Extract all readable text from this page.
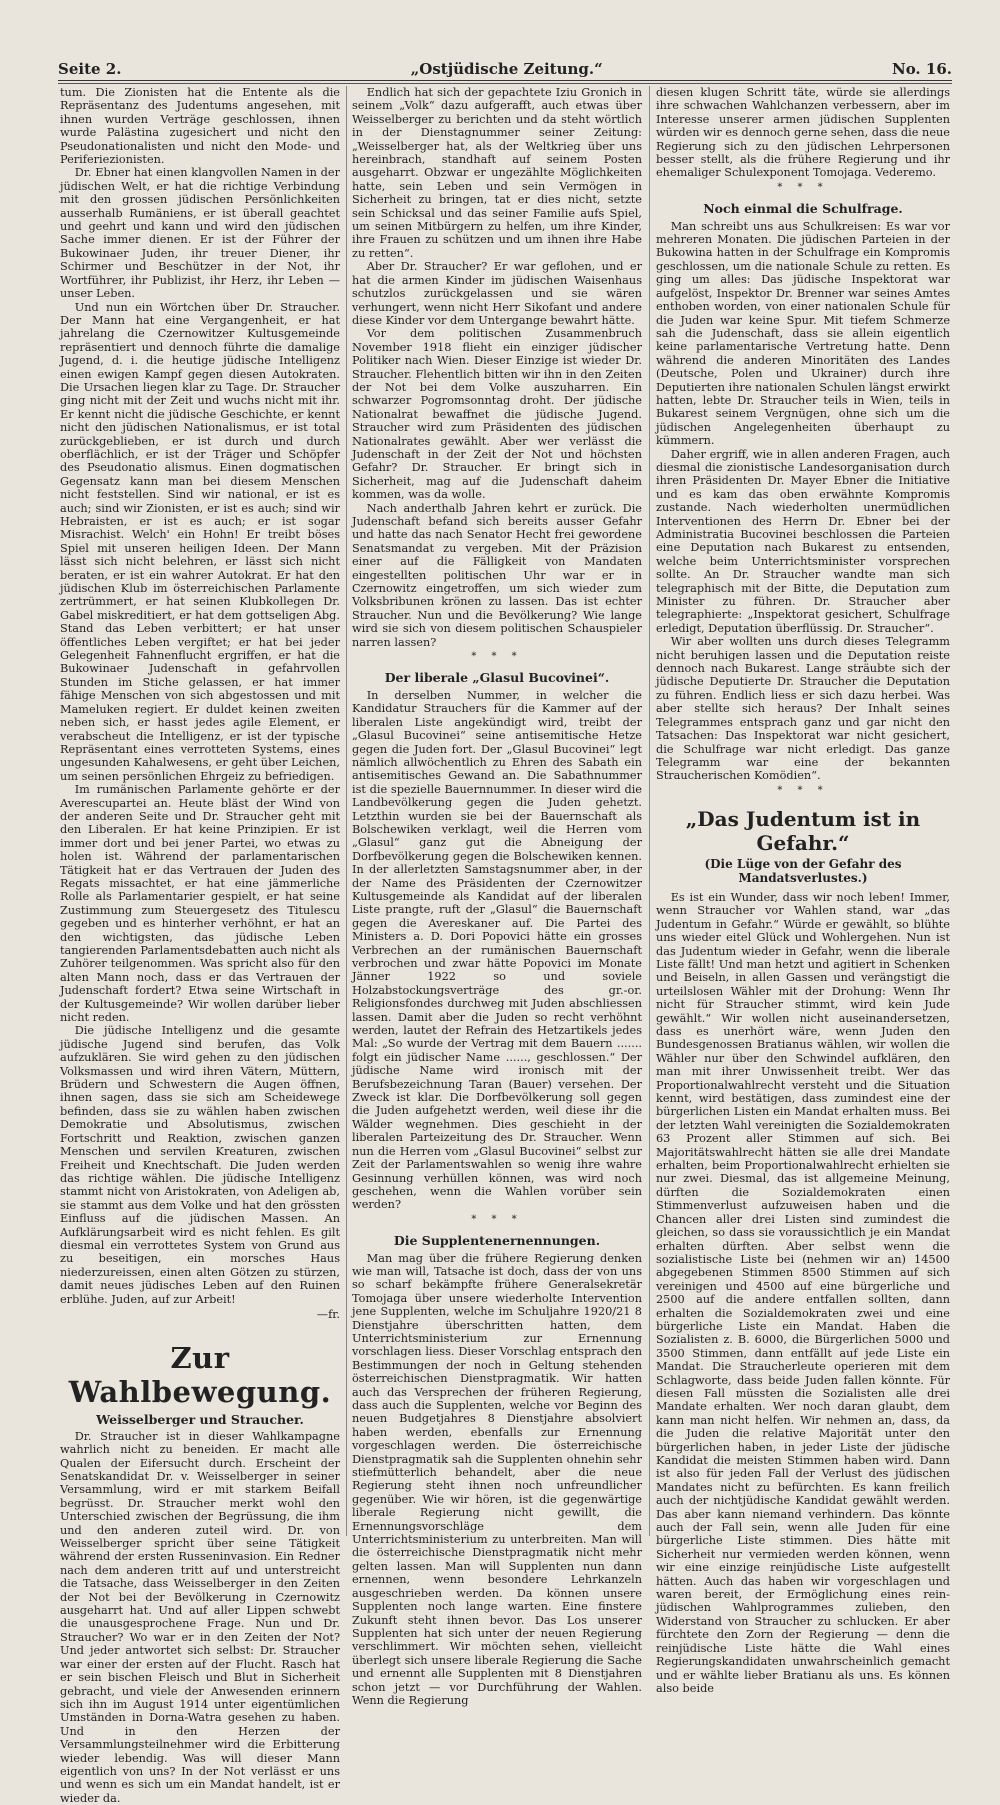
Seite 2.	„Ostjüdische Zeitung.“	No. 16.

tum. Die Zionisten hat die Entente als die Repräsentanz des Judentums angesehen, mit ihnen wurden Verträge geschlossen, ihnen wurde Palästina zugesichert und nicht den Pseudonationalisten und nicht den Mode- und Periferiezionisten.

Dr. Ebner hat einen klangvollen Namen in der jüdischen Welt, er hat die richtige Verbindung mit den grossen jüdischen Persönlichkeiten ausserhalb Rumäniens, er ist überall geachtet und geehrt und kann und wird den jüdischen Sache immer dienen. Er ist der Führer der Bukowinaer Juden, ihr treuer Diener, ihr Schirmer und Beschützer in der Not, ihr Wortführer, ihr Publizist, ihr Herz, ihr Leben — unser Leben.

Und nun ein Wörtchen über Dr. Straucher. Der Mann hat eine Vergangenheit, er hat jahrelang die Czernowitzer Kultusgemeinde repräsentiert und dennoch führte die damalige Jugend, d. i. die heutige jüdische Intelligenz einen ewigen Kampf gegen diesen Autokraten. Die Ursachen liegen klar zu Tage. Dr. Straucher ging nicht mit der Zeit und wuchs nicht mit ihr. Er kennt nicht die jüdische Geschichte, er kennt nicht den jüdischen Nationalismus, er ist total zurückgeblieben, er ist durch und durch oberflächlich, er ist der Träger und Schöpfer des Pseudonatio alismus. Einen dogmatischen Gegensatz kann man bei diesem Menschen nicht feststellen. Sind wir national, er ist es auch; sind wir Zionisten, er ist es auch; sind wir Hebraisten, er ist es auch; er ist sogar Misrachist. Welch' ein Hohn! Er treibt böses Spiel mit unseren heiligen Ideen. Der Mann lässt sich nicht belehren, er lässt sich nicht beraten, er ist ein wahrer Autokrat. Er hat den jüdischen Klub im österreichischen Parlamente zertrümmert, er hat seinen Klubkollegen Dr. Gabel miskreditiert, er hat dem gottseligen Abg. Stand das Leben verbittert; er hat unser öffentliches Leben vergiftet; er hat bei jeder Gelegenheit Fahnenflucht ergriffen, er hat die Bukowinaer Judenschaft in gefahrvollen Stunden im Stiche gelassen, er hat immer fähige Menschen von sich abgestossen und mit Mameluken regiert. Er duldet keinen zweiten neben sich, er hasst jedes agile Element, er verabscheut die Intelligenz, er ist der typische Repräsentant eines verrotteten Systems, eines ungesunden Kahalwesens, er geht über Leichen, um seinen persönlichen Ehrgeiz zu befriedigen.

Im rumänischen Parlamente gehörte er der Averescupartei an. Heute bläst der Wind von der anderen Seite und Dr. Straucher geht mit den Liberalen. Er hat keine Prinzipien. Er ist immer dort und bei jener Partei, wo etwas zu holen ist. Während der parlamentarischen Tätigkeit hat er das Vertrauen der Juden des Regats missachtet, er hat eine jämmerliche Rolle als Parlamentarier gespielt, er hat seine Zustimmung zum Steuergesetz des Titulescu gegeben und es hinterher verhöhnt, er hat an den wichtigsten, das jüdische Leben tangierenden Parlamentsdebatten auch nicht als Zuhörer teilgenommen. Was spricht also für den alten Mann noch, dass er das Vertrauen der Judenschaft fordert? Etwa seine Wirtschaft in der Kultusgemeinde? Wir wollen darüber lieber nicht reden.

Die jüdische Intelligenz und die gesamte jüdische Jugend sind berufen, das Volk aufzuklären. Sie wird gehen zu den jüdischen Volksmassen und wird ihren Vätern, Müttern, Brüdern und Schwestern die Augen öffnen, ihnen sagen, dass sie sich am Scheidewege befinden, dass sie zu wählen haben zwischen Demokratie und Absolutismus, zwischen Fortschritt und Reaktion, zwischen ganzen Menschen und servilen Kreaturen, zwischen Freiheit und Knechtschaft. Die Juden werden das richtige wählen. Die jüdische Intelligenz stammt nicht von Aristokraten, von Adeligen ab, sie stammt aus dem Volke und hat den grössten Einfluss auf die jüdischen Massen. An Aufklärungsarbeit wird es nicht fehlen. Es gilt diesmal ein verrottetes System von Grund aus zu beseitigen, ein morsches Haus niederzureissen, einen alten Götzen zu stürzen, damit neues jüdisches Leben auf den Ruinen erblühe. Juden, auf zur Arbeit!

—fr.
Zur Wahlbewegung.
Weisselberger und Straucher.

Dr. Straucher ist in dieser Wahlkampagne wahrlich nicht zu beneiden. Er macht alle Qualen der Eifersucht durch. Erscheint der Senatskandidat Dr. v. Weisselberger in seiner Versammlung, wird er mit starkem Beifall begrüsst. Dr. Straucher merkt wohl den Unterschied zwischen der Begrüssung, die ihm und den anderen zuteil wird. Dr. von Weisselberger spricht über seine Tätigkeit während der ersten Russeninvasion. Ein Redner nach dem anderen tritt auf und unterstreicht die Tatsache, dass Weisselberger in den Zeiten der Not bei der Bevölkerung in Czernowitz ausgeharrt hat. Und auf aller Lippen schwebt die unausgesprochene Frage. Nun und Dr. Straucher? Wo war er in den Zeiten der Not? Und jeder antwortet sich selbst: Dr. Straucher war einer der ersten auf der Flucht. Rasch hat er sein bischen Fleisch und Blut in Sicherheit gebracht, und viele der Anwesenden erinnern sich ihn im August 1914 unter eigentümlichen Umständen in Dorna-Watra gesehen zu haben. Und in den Herzen der Versammlungsteilnehmer wird die Erbitterung wieder lebendig. Was will dieser Mann eigentlich von uns? In der Not verlässt er uns und wenn es sich um ein Mandat handelt, ist er wieder da.

Endlich hat sich der gepachtete Iziu Gronich in seinem „Volk“ dazu aufgerafft, auch etwas über Weisselberger zu berichten und da steht wörtlich in der Dienstagnummer seiner Zeitung: „Weisselberger hat, als der Weltkrieg über uns hereinbrach, standhaft auf seinem Posten ausgeharrt. Obzwar er ungezählte Möglichkeiten hatte, sein Leben und sein Vermögen in Sicherheit zu bringen, tat er dies nicht, setzte sein Schicksal und das seiner Familie aufs Spiel, um seinen Mitbürgern zu helfen, um ihre Kinder, ihre Frauen zu schützen und um ihnen ihre Habe zu retten“.

Aber Dr. Straucher? Er war geflohen, und er hat die armen Kinder im jüdischen Waisenhaus schutzlos zurückgelassen und sie wären verhungert, wenn nicht Herr Sikofant und andere diese Kinder vor dem Untergange bewahrt hätte.

Vor dem politischen Zusammenbruch November 1918 flieht ein einziger jüdischer Politiker nach Wien. Dieser Einzige ist wieder Dr. Straucher. Flehentlich bitten wir ihn in den Zeiten der Not bei dem Volke auszuharren. Ein schwarzer Pogromsonntag droht. Der jüdische Nationalrat bewaffnet die jüdische Jugend. Straucher wird zum Präsidenten des jüdischen Nationalrates gewählt. Aber wer verlässt die Judenschaft in der Zeit der Not und höchsten Gefahr? Dr. Straucher. Er bringt sich in Sicherheit, mag auf die Judenschaft daheim kommen, was da wolle.

Nach anderthalb Jahren kehrt er zurück. Die Judenschaft befand sich bereits ausser Gefahr und hatte das nach Senator Hecht frei gewordene Senatsmandat zu vergeben. Mit der Präzision einer auf die Fälligkeit von Mandaten eingestellten politischen Uhr war er in Czernowitz eingetroffen, um sich wieder zum Volksbribunen krönen zu lassen. Das ist echter Straucher. Nun und die Bevölkerung? Wie lange wird sie sich von diesem politischen Schauspieler narren lassen?

* * *
Der liberale „Glasul Bucovinei“.

In derselben Nummer, in welcher die Kandidatur Strauchers für die Kammer auf der liberalen Liste angekündigt wird, treibt der „Glasul Bucovinei“ seine antisemitische Hetze gegen die Juden fort. Der „Glasul Bucovinei“ legt nämlich allwöchentlich zu Ehren des Sabath ein antisemitisches Gewand an. Die Sabathnummer ist die spezielle Bauernnummer. In dieser wird die Landbevölkerung gegen die Juden gehetzt. Letzthin wurden sie bei der Bauernschaft als Bolschewiken verklagt, weil die Herren vom „Glasul“ ganz gut die Abneigung der Dorfbevölkerung gegen die Bolschewiken kennen. In der allerletzten Samstagsnummer aber, in der der Name des Präsidenten der Czernowitzer Kultusgemeinde als Kandidat auf der liberalen Liste prangte, ruft der „Glasul“ die Bauernschaft gegen die Avereskaner auf. Die Partei des Ministers a. D. Dori Popovici hätte ein grosses Verbrechen an der rumänischen Bauernschaft verbrochen und zwar hätte Popovici im Monate Jänner 1922 so und soviele Holzabstockungsverträge des gr.-or. Religionsfondes durchweg mit Juden abschliessen lassen. Damit aber die Juden so recht verhöhnt werden, lautet der Refrain des Hetzartikels jedes Mal: „So wurde der Vertrag mit dem Bauern ....... folgt ein jüdischer Name ......, geschlossen.“ Der jüdische Name wird ironisch mit der Berufsbezeichnung Taran (Bauer) versehen. Der Zweck ist klar. Die Dorfbevölkerung soll gegen die Juden aufgehetzt werden, weil diese ihr die Wälder wegnehmen. Dies geschieht in der liberalen Parteizeitung des Dr. Straucher. Wenn nun die Herren vom „Glasul Bucovinei“ selbst zur Zeit der Parlamentswahlen so wenig ihre wahre Gesinnung verhüllen können, was wird noch geschehen, wenn die Wahlen vorüber sein werden?

* * *
Die Supplentenernennungen.

Man mag über die frühere Regierung denken wie man will, Tatsache ist doch, dass der von uns so scharf bekämpfte frühere Generalsekretär Tomojaga über unsere wiederholte Intervention jene Supplenten, welche im Schuljahre 1920/21 8 Dienstjahre überschritten hatten, dem Unterrichtsministerium zur Ernennung vorschlagen liess. Dieser Vorschlag entsprach den Bestimmungen der noch in Geltung stehenden österreichischen Dienstpragmatik. Wir hatten auch das Versprechen der früheren Regierung, dass auch die Supplenten, welche vor Beginn des neuen Budgetjahres 8 Dienstjahre absolviert haben werden, ebenfalls zur Ernennung vorgeschlagen werden. Die österreichische Dienstpragmatik sah die Supplenten ohnehin sehr stiefmütterlich behandelt, aber die neue Regierung steht ihnen noch unfreundlicher gegenüber. Wie wir hören, ist die gegenwärtige liberale Regierung nicht gewillt, die Ernennungsvorschläge dem Unterrichtsministerium zu unterbreiten. Man will die österreichische Dienstpragmatik nicht mehr gelten lassen. Man will Supplenten nun dann ernennen, wenn besondere Lehrkanzeln ausgeschrieben werden. Da können unsere Supplenten noch lange warten. Eine finstere Zukunft steht ihnen bevor. Das Los unserer Supplenten hat sich unter der neuen Regierung verschlimmert. Wir möchten sehen, vielleicht überlegt sich unsere liberale Regierung die Sache und ernennt alle Supplenten mit 8 Dienstjahren schon jetzt — vor Durchführung der Wahlen. Wenn die Regierung

diesen klugen Schritt täte, würde sie allerdings ihre schwachen Wahlchanzen verbessern, aber im Interesse unserer armen jüdischen Supplenten würden wir es dennoch gerne sehen, dass die neue Regierung sich zu den jüdischen Lehrpersonen besser stellt, als die frühere Regierung und ihr ehemaliger Schulexponent Tomojaga. Vederemo.

* * *
Noch einmal die Schulfrage.

Man schreibt uns aus Schulkreisen: Es war vor mehreren Monaten. Die jüdischen Parteien in der Bukowina hatten in der Schulfrage ein Kompromis geschlossen, um die nationale Schule zu retten. Es ging um alles: Das jüdische Inspektorat war aufgelöst, Inspektor Dr. Brenner war seines Amtes enthoben worden, von einer nationalen Schule für die Juden war keine Spur. Mit tiefem Schmerze sah die Judenschaft, dass sie allein eigentlich keine parlamentarische Vertretung hatte. Denn während die anderen Minoritäten des Landes (Deutsche, Polen und Ukrainer) durch ihre Deputierten ihre nationalen Schulen längst erwirkt hatten, lebte Dr. Straucher teils in Wien, teils in Bukarest seinem Vergnügen, ohne sich um die jüdischen Angelegenheiten überhaupt zu kümmern.

Daher ergriff, wie in allen anderen Fragen, auch diesmal die zionistische Landesorganisation durch ihren Präsidenten Dr. Mayer Ebner die Initiative und es kam das oben erwähnte Kompromis zustande. Nach wiederholten unermüdlichen Interventionen des Herrn Dr. Ebner bei der Administratia Bucovinei beschlossen die Parteien eine Deputation nach Bukarest zu entsenden, welche beim Unterrichtsminister vorsprechen sollte. An Dr. Straucher wandte man sich telegraphisch mit der Bitte, die Deputation zum Minister zu führen. Dr. Straucher aber telegraphierte: „Inspektorat gesichert, Schulfrage erledigt, Deputation überflüssig. Dr. Straucher“.

Wir aber wollten uns durch dieses Telegramm nicht beruhigen lassen und die Deputation reiste dennoch nach Bukarest. Lange sträubte sich der jüdische Deputierte Dr. Straucher die Deputation zu führen. Endlich liess er sich dazu herbei. Was aber stellte sich heraus? Der Inhalt seines Telegrammes entsprach ganz und gar nicht den Tatsachen: Das Inspektorat war nicht gesichert, die Schulfrage war nicht erledigt. Das ganze Telegramm war eine der bekannten Straucherischen Komödien“.

* * *
„Das Judentum ist in Gefahr.“
(Die Lüge von der Gefahr des Mandatsverlustes.)

Es ist ein Wunder, dass wir noch leben! Immer, wenn Straucher vor Wahlen stand, war „das Judentum in Gefahr.“ Würde er gewählt, so blühte uns wieder eitel Glück und Wohlergehen. Nun ist das Judentum wieder in Gefahr, wenn die liberale Liste fällt! Und man hetzt und agitiert in Schenken und Beiseln, in allen Gassen und verängstigt die urteilslosen Wähler mit der Drohung: Wenn Ihr nicht für Straucher stimmt, wird kein Jude gewählt.“ Wir wollen nicht auseinandersetzen, dass es unerhört wäre, wenn Juden den Bundesgenossen Bratianus wählen, wir wollen die Wähler nur über den Schwindel aufklären, den man mit ihrer Unwissenheit treibt. Wer das Proportionalwahlrecht versteht und die Situation kennt, wird bestätigen, dass zumindest eine der bürgerlichen Listen ein Mandat erhalten muss. Bei der letzten Wahl vereinigten die Sozialdemokraten 63 Prozent aller Stimmen auf sich. Bei Majoritätswahlrecht hätten sie alle drei Mandate erhalten, beim Proportionalwahlrecht erhielten sie nur zwei. Diesmal, das ist allgemeine Meinung, dürften die Sozialdemokraten einen Stimmenverlust aufzuweisen haben und die Chancen aller drei Listen sind zumindest die gleichen, so dass sie voraussichtlich je ein Mandat erhalten dürften. Aber selbst wenn die sozialistische Liste bei (nehmen wir an) 14500 abgegebenen Stimmen 8500 Stimmen auf sich vereinigen und 4500 auf eine bürgerliche und 2500 auf die andere entfallen sollten, dann erhalten die Sozialdemokraten zwei und eine bürgerliche Liste ein Mandat. Haben die Sozialisten z. B. 6000, die Bürgerlichen 5000 und 3500 Stimmen, dann entfällt auf jede Liste ein Mandat. Die Straucherleute operieren mit dem Schlagworte, dass beide Juden fallen könnte. Für diesen Fall müssten die Sozialisten alle drei Mandate erhalten. Wer noch daran glaubt, dem kann man nicht helfen. Wir nehmen an, dass, da die Juden die relative Majorität unter den bürgerlichen haben, in jeder Liste der jüdische Kandidat die meisten Stimmen haben wird. Dann ist also für jeden Fall der Verlust des jüdischen Mandates nicht zu befürchten. Es kann freilich auch der nichtjüdische Kandidat gewählt werden. Das aber kann niemand verhindern. Das könnte auch der Fall sein, wenn alle Juden für eine bürgerliche Liste stimmen. Dies hätte mit Sicherheit nur vermieden werden können, wenn wir eine einzige reinjüdische Liste aufgestellt hätten. Auch das haben wir vorgeschlagen und waren bereit, der Ermöglichung eines rein-jüdischen Wahlprogrammes zulieben, den Widerstand von Straucher zu schlucken. Er aber fürchtete den Zorn der Regierung — denn die reinjüdische Liste hätte die Wahl eines Regierungskandidaten unwahrscheinlich gemacht und er wählte lieber Bratianu als uns. Es können also beide
